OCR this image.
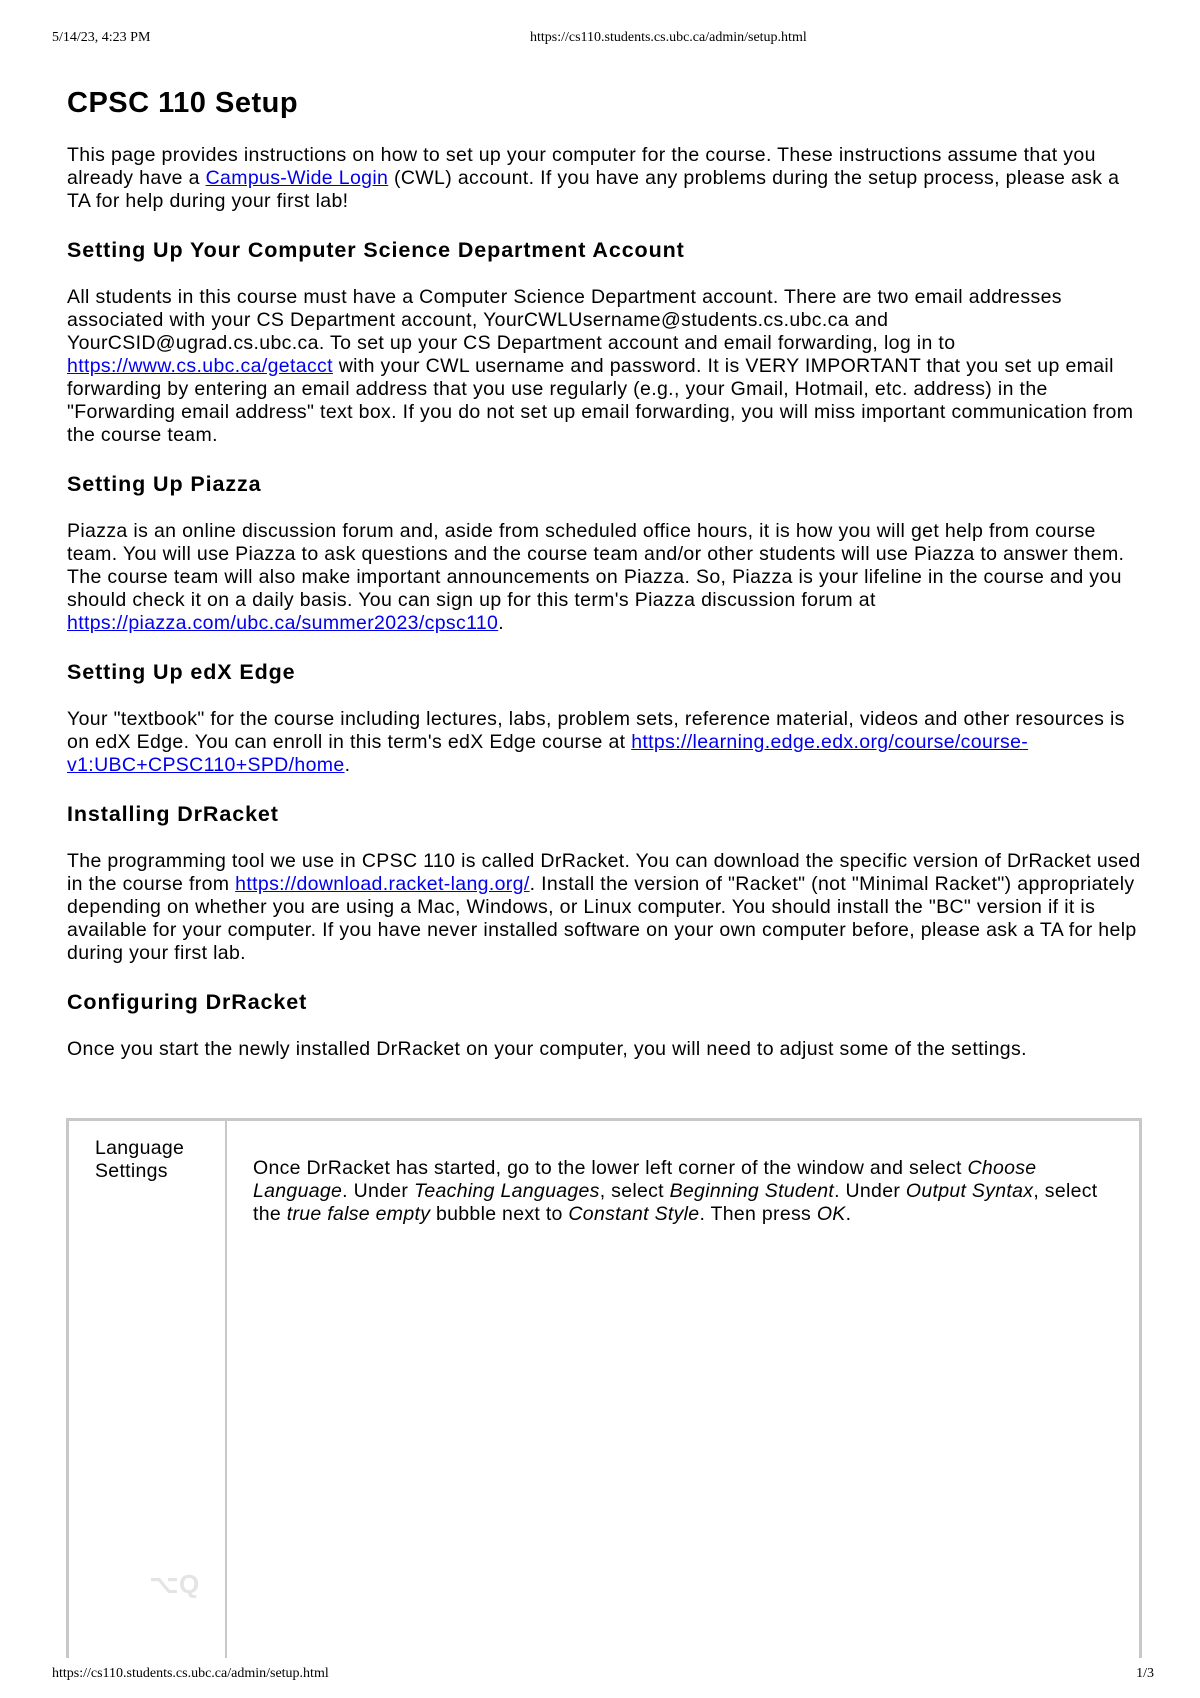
5/14/23, 4:23 PM	https://cs110.students.cs.ubc.ca/admin/setup.html
CPSC 110 Setup

This page provides instructions on how to set up your computer for the course. These instructions assume that you already have a Campus-Wide Login (CWL) account. If you have any problems during the setup process, please ask a TA for help during your first lab!

Setting Up Your Computer Science Department Account

All students in this course must have a Computer Science Department account. There are two email addresses associated with your CS Department account, YourCWLUsername@students.cs.ubc.ca and YourCSID@ugrad.cs.ubc.ca. To set up your CS Department account and email forwarding, log in to https://www.cs.ubc.ca/getacct with your CWL username and password. It is VERY IMPORTANT that you set up email forwarding by entering an email address that you use regularly (e.g., your Gmail, Hotmail, etc. address) in the "Forwarding email address" text box. If you do not set up email forwarding, you will miss important communication from the course team.

Setting Up Piazza

Piazza is an online discussion forum and, aside from scheduled office hours, it is how you will get help from course team. You will use Piazza to ask questions and the course team and/or other students will use Piazza to answer them. The course team will also make important announcements on Piazza. So, Piazza is your lifeline in the course and you should check it on a daily basis. You can sign up for this term's Piazza discussion forum at https://piazza.com/ubc.ca/summer2023/cpsc110.

Setting Up edX Edge

Your "textbook" for the course including lectures, labs, problem sets, reference material, videos and other resources is on edX Edge. You can enroll in this term's edX Edge course at https://learning.edge.edx.org/course/course-v1:UBC+CPSC110+SPD/home.

Installing DrRacket

The programming tool we use in CPSC 110 is called DrRacket. You can download the specific version of DrRacket used in the course from https://download.racket-lang.org/. Install the version of "Racket" (not "Minimal Racket") appropriately depending on whether you are using a Mac, Windows, or Linux computer. You should install the "BC" version if it is available for your computer. If you have never installed software on your own computer before, please ask a TA for help during your first lab.

Configuring DrRacket

Once you start the newly installed DrRacket on your computer, you will need to adjust some of the settings.

Language Settings	Once DrRacket has started, go to the lower left corner of the window and select Choose Language. Under Teaching Languages, select Beginning Student. Under Output Syntax, select the true false empty bubble next to Constant Style. Then press OK.
⌥Q
https://cs110.students.cs.ubc.ca/admin/setup.html	1/3
